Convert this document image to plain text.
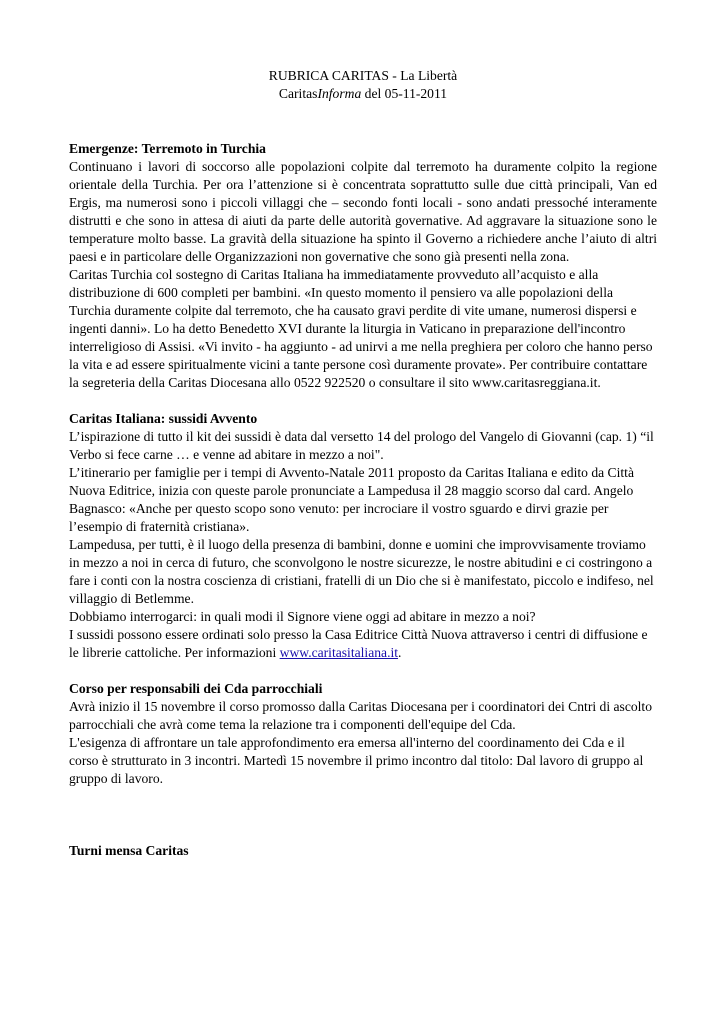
RUBRICA CARITAS - La Libertà
CaritasInforma del 05-11-2011

Emergenze: Terremoto in Turchia

Continuano i lavori di soccorso alle popolazioni colpite dal terremoto ha duramente colpito la regione orientale della Turchia. Per ora l’attenzione si è concentrata soprattutto sulle due città principali, Van ed Ergis, ma numerosi sono i piccoli villaggi che – secondo fonti locali - sono andati pressoché interamente distrutti e che sono in attesa di aiuti da parte delle autorità governative. Ad aggravare la situazione sono le temperature molto basse. La gravità della situazione ha spinto il Governo a richiedere anche l’aiuto di altri paesi e in particolare delle Organizzazioni non governative che sono già presenti nella zona.

Caritas Turchia col sostegno di Caritas Italiana ha immediatamente provveduto all’acquisto e alla distribuzione di 600 completi per bambini. «In questo momento il pensiero va alle popolazioni della Turchia duramente colpite dal terremoto, che ha causato gravi perdite di vite umane, numerosi dispersi e ingenti danni». Lo ha detto Benedetto XVI durante la liturgia in Vaticano in preparazione dell'incontro interreligioso di Assisi. «Vi invito - ha aggiunto - ad unirvi a me nella preghiera per coloro che hanno perso la vita e ad essere spiritualmente vicini a tante persone così duramente provate». Per contribuire contattare la segreteria della Caritas Diocesana allo 0522 922520 o consultare il sito www.caritasreggiana.it.

Caritas Italiana: sussidi Avvento

L’ispirazione di tutto il kit dei sussidi è data dal versetto 14 del prologo del Vangelo di Giovanni (cap. 1) “il Verbo si fece carne … e venne ad abitare in mezzo a noi".

L’itinerario per famiglie per i tempi di Avvento-Natale 2011 proposto da Caritas Italiana e edito da Città Nuova Editrice, inizia con queste parole pronunciate a Lampedusa il 28 maggio scorso dal card. Angelo Bagnasco: «Anche per questo scopo sono venuto: per incrociare il vostro sguardo e dirvi grazie per l’esempio di fraternità cristiana».

Lampedusa, per tutti, è il luogo della presenza di bambini, donne e uomini che improvvisamente troviamo in mezzo a noi in cerca di futuro, che sconvolgono le nostre sicurezze, le nostre abitudini e ci costringono a fare i conti con la nostra coscienza di cristiani, fratelli di un Dio che si è manifestato, piccolo e indifeso, nel villaggio di Betlemme.

Dobbiamo interrogarci: in quali modi il Signore viene oggi ad abitare in mezzo a noi?

I sussidi possono essere ordinati solo presso la Casa Editrice Città Nuova attraverso i centri di diffusione e le librerie cattoliche. Per informazioni www.caritasitaliana.it.

Corso per responsabili dei Cda parrocchiali

Avrà inizio il 15 novembre il corso promosso dalla Caritas Diocesana per i coordinatori dei Cntri di ascolto parrocchiali che avrà come tema la relazione tra i componenti dell'equipe del Cda.

L'esigenza di affrontare un tale approfondimento era emersa all'interno del coordinamento dei Cda e il corso è strutturato in 3 incontri. Martedì 15 novembre il primo incontro dal titolo: Dal lavoro di gruppo al gruppo di lavoro.

Turni mensa Caritas
